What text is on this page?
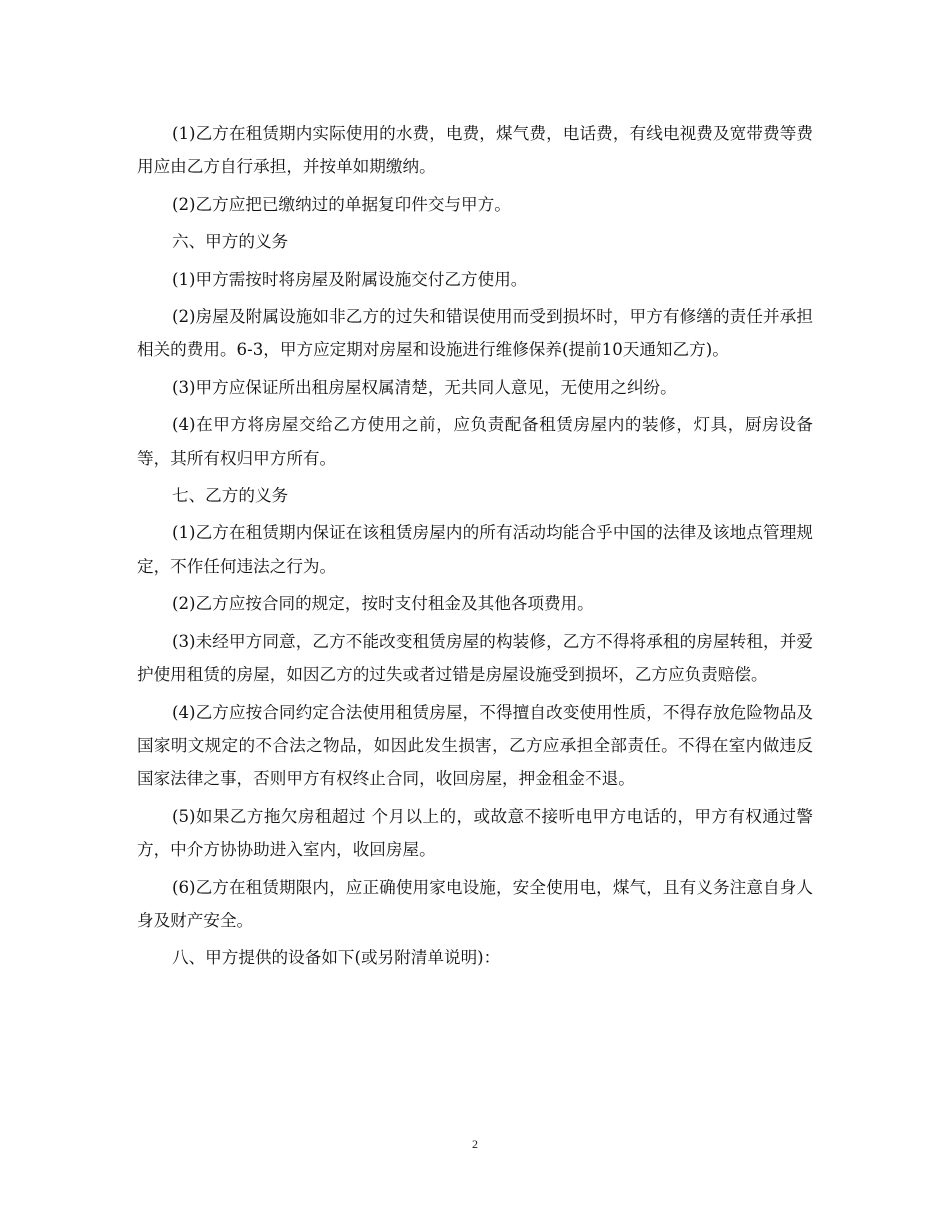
(1)乙方在租赁期内实际使用的水费，电费，煤气费，电话费，有线电视费及宽带费等费用应由乙方自行承担，并按单如期缴纳。

(2)乙方应把已缴纳过的单据复印件交与甲方。

六、甲方的义务

(1)甲方需按时将房屋及附属设施交付乙方使用。

(2)房屋及附属设施如非乙方的过失和错误使用而受到损坏时，甲方有修缮的责任并承担相关的费用。6-3，甲方应定期对房屋和设施进行维修保养(提前10天通知乙方)。

(3)甲方应保证所出租房屋权属清楚，无共同人意见，无使用之纠纷。

(4)在甲方将房屋交给乙方使用之前，应负责配备租赁房屋内的装修，灯具，厨房设备等，其所有权归甲方所有。

七、乙方的义务

(1)乙方在租赁期内保证在该租赁房屋内的所有活动均能合乎中国的法律及该地点管理规定，不作任何违法之行为。

(2)乙方应按合同的规定，按时支付租金及其他各项费用。

(3)未经甲方同意，乙方不能改变租赁房屋的构装修，乙方不得将承租的房屋转租，并爱护使用租赁的房屋，如因乙方的过失或者过错是房屋设施受到损坏，乙方应负责赔偿。

(4)乙方应按合同约定合法使用租赁房屋，不得擅自改变使用性质，不得存放危险物品及国家明文规定的不合法之物品，如因此发生损害，乙方应承担全部责任。不得在室内做违反国家法律之事，否则甲方有权终止合同，收回房屋，押金租金不退。

(5)如果乙方拖欠房租超过 个月以上的，或故意不接听电甲方电话的，甲方有权通过警方，中介方协协助进入室内，收回房屋。

(6)乙方在租赁期限内，应正确使用家电设施，安全使用电，煤气，且有义务注意自身人身及财产安全。

八、甲方提供的设备如下(或另附清单说明)：

2
